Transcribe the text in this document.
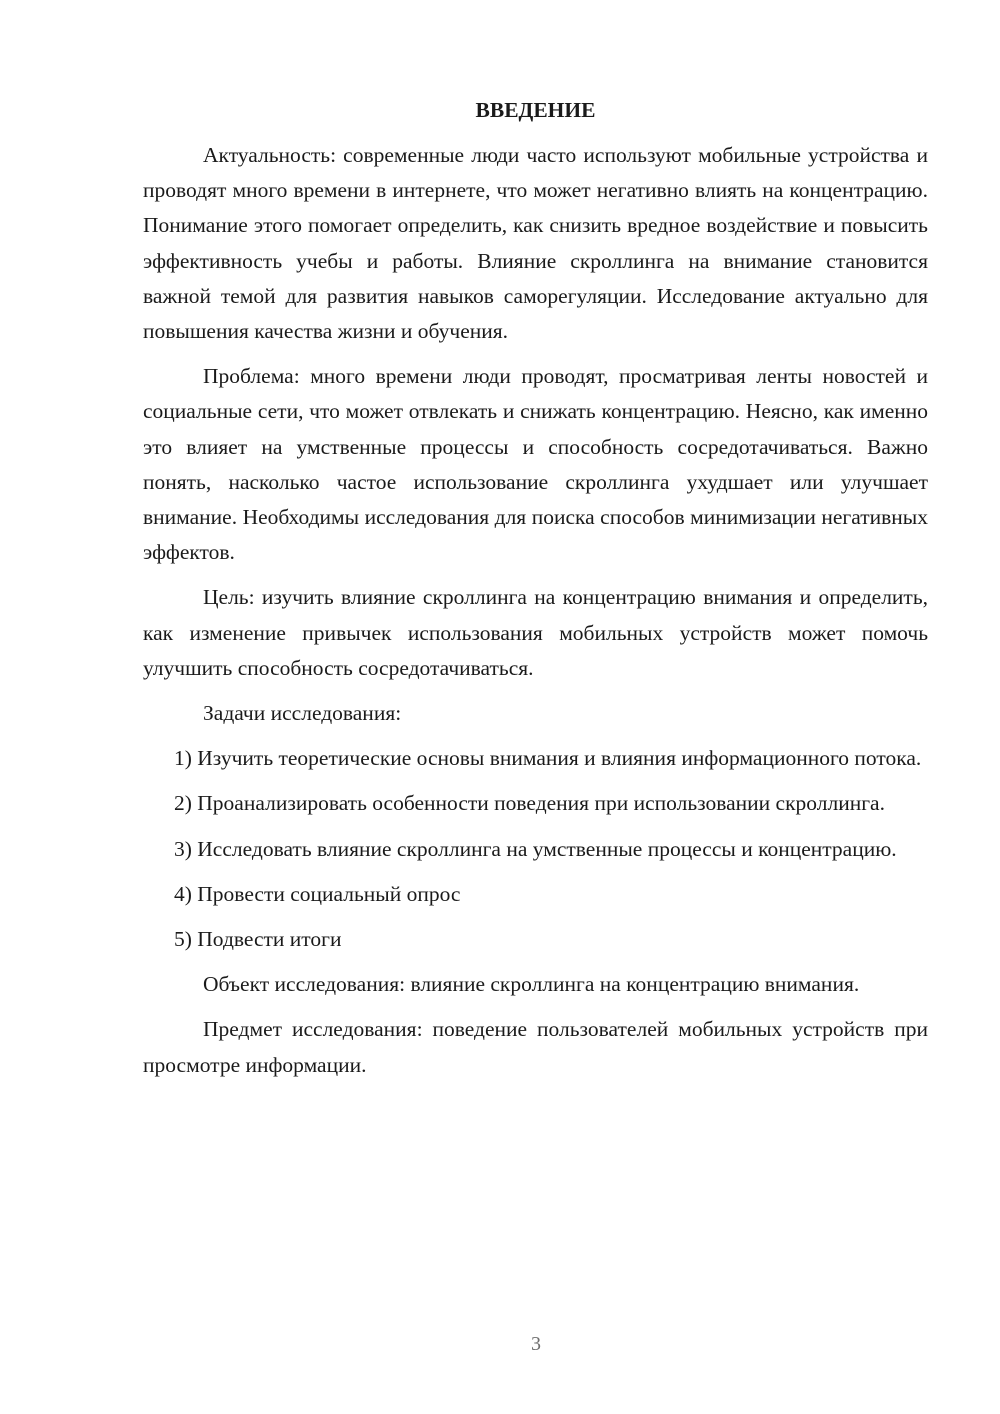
ВВЕДЕНИЕ

Актуальность: современные люди часто используют мобильные устройства и проводят много времени в интернете, что может негативно влиять на концентрацию. Понимание этого помогает определить, как снизить вредное воздействие и повысить эффективность учебы и работы. Влияние скроллинга на внимание становится важной темой для развития навыков саморегуляции. Исследование актуально для повышения качества жизни и обучения.

Проблема: много времени люди проводят, просматривая ленты новостей и социальные сети, что может отвлекать и снижать концентрацию. Неясно, как именно это влияет на умственные процессы и способность сосредотачиваться. Важно понять, насколько частое использование скроллинга ухудшает или улучшает внимание. Необходимы исследования для поиска способов минимизации негативных эффектов.

Цель: изучить влияние скроллинга на концентрацию внимания и определить, как изменение привычек использования мобильных устройств может помочь улучшить способность сосредотачиваться.

Задачи исследования:

1) Изучить теоретические основы внимания и влияния информационного потока.

2) Проанализировать особенности поведения при использовании скроллинга.

3) Исследовать влияние скроллинга на умственные процессы и концентрацию.

4) Провести социальный опрос

5) Подвести итоги

Объект исследования: влияние скроллинга на концентрацию внимания.

Предмет исследования: поведение пользователей мобильных устройств при просмотре информации.

3
